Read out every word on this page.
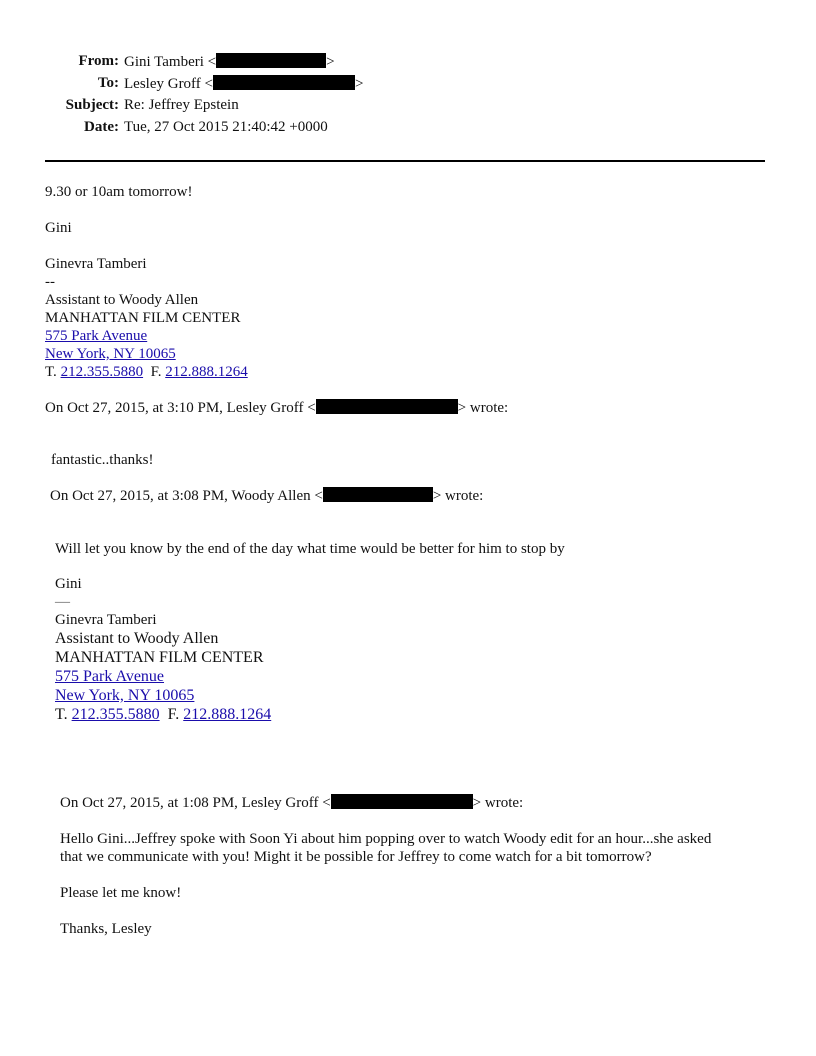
From: Gini Tamberi <	>
To: Lesley Groff <	>
Subject: Re: Jeffrey Epstein
Date: Tue, 27 Oct 2015 21:40:42 +0000
9.30 or 10am tomorrow!
Gini
Ginevra Tamberi
--
Assistant to Woody Allen
MANHATTAN FILM CENTER
575 Park Avenue
New York, NY 10065
T. 212.355.5880 F. 212.888.1264
On Oct 27, 2015, at 3:10 PM, Lesley Groff <	> wrote:
fantastic..thanks!
On Oct 27, 2015, at 3:08 PM, Woody Allen <	> wrote:
Will let you know by the end of the day what time would be better for him to stop by
Gini
—
Ginevra Tamberi
Assistant to Woody Allen
MANHATTAN FILM CENTER
575 Park Avenue
New York, NY 10065
T. 212.355.5880 F. 212.888.1264
On Oct 27, 2015, at 1:08 PM, Lesley Groff <	> wrote:
Hello Gini...Jeffrey spoke with Soon Yi about him popping over to watch Woody edit for an hour...she asked
that we communicate with you! Might it be possible for Jeffrey to come watch for a bit tomorrow?
Please let me know!
Thanks, Lesley
